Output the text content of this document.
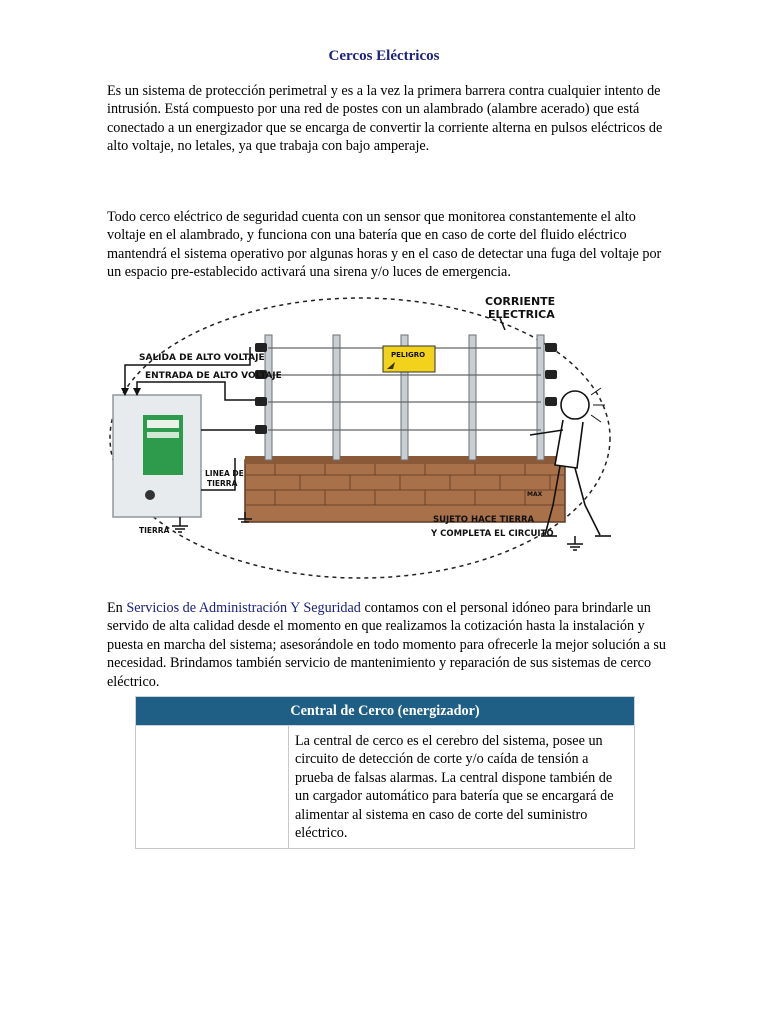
Cercos Eléctricos
Es un sistema de protección perimetral y es a la vez la primera barrera contra cualquier intento de intrusión. Está compuesto por una red de postes con un alambrado (alambre acerado) que está conectado a un energizador que se encarga de convertir la corriente alterna en pulsos eléctricos de alto voltaje, no letales, ya que trabaja con bajo amperaje.
Todo cerco eléctrico de seguridad cuenta con un sensor que monitorea constantemente el alto voltaje en el alambrado, y funciona con una batería que en caso de corte del fluido eléctrico mantendrá el sistema operativo por algunas horas y en el caso de detectar una fuga del voltaje por un espacio pre-establecido activará una sirena y/o luces de emergencia.
PELIGRO
CORRIENTE
ELECTRICA
SALIDA DE ALTO VOLTAJE
ENTRADA DE ALTO VOLTAJE
LINEA DE
TIERRA
TIERRA
SUJETO HACE TIERRA
Y COMPLETA EL CIRCUITO
MAX
En Servicios de Administración Y Seguridad contamos con el personal idóneo para brindarle un servido de alta calidad desde el momento en que realizamos la cotización hasta la instalación y puesta en marcha del sistema; asesorándole en todo momento para ofrecerle la mejor solución a su necesidad. Brindamos también servicio de mantenimiento y reparación de sus sistemas de cerco eléctrico.
Central de Cerco (energizador)
	La central de cerco es el cerebro del sistema, posee un circuito de detección de corte y/o caída de tensión a prueba de falsas alarmas. La central dispone también de un cargador automático para batería que se encargará de alimentar al sistema en caso de corte del suministro eléctrico.
